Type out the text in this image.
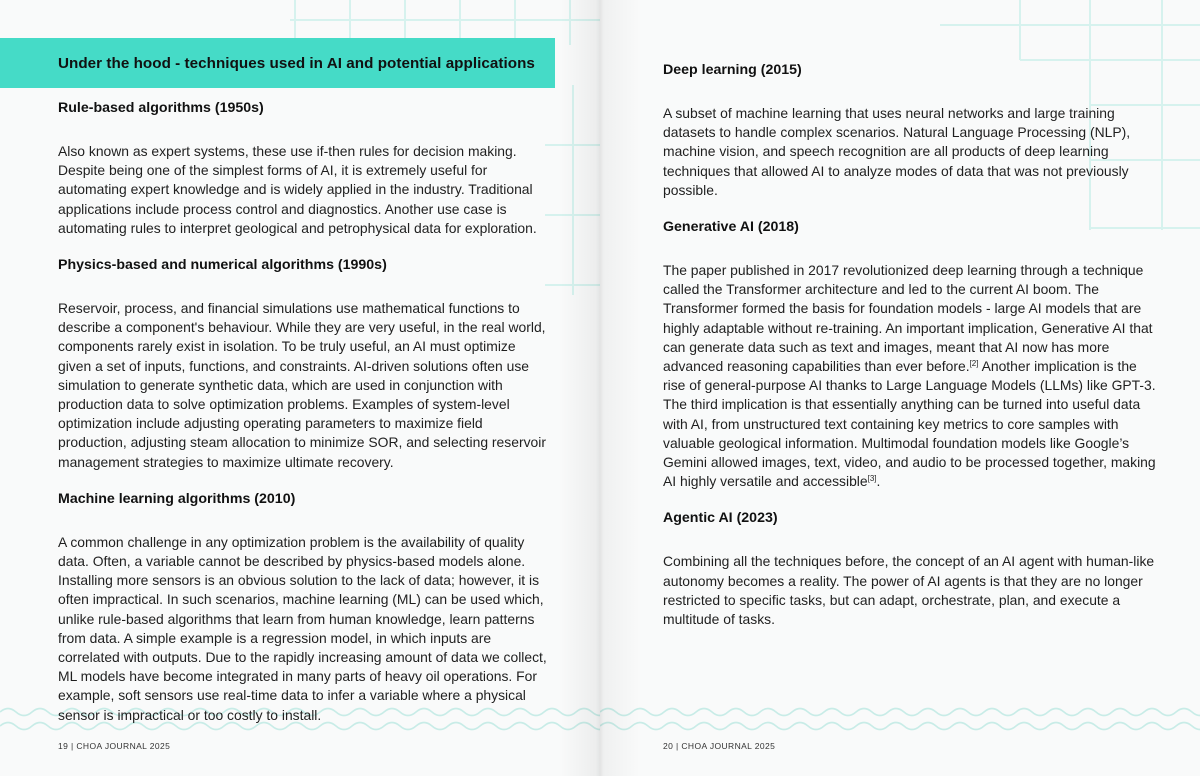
Under the hood - techniques used in AI and potential applications
Rule-based algorithms (1950s)

Also known as expert systems, these use if-then rules for decision making. Despite being one of the simplest forms of AI, it is extremely useful for automating expert knowledge and is widely applied in the industry. Traditional applications include process control and diagnostics. Another use case is automating rules to interpret geological and petrophysical data for exploration.

Physics-based and numerical algorithms (1990s)

Reservoir, process, and financial simulations use mathematical functions to describe a component's behaviour. While they are very useful, in the real world, components rarely exist in isolation. To be truly useful, an AI must optimize given a set of inputs, functions, and constraints. AI-driven solutions often use simulation to generate synthetic data, which are used in conjunction with production data to solve optimization problems. Examples of system-level optimization include adjusting operating parameters to maximize field production, adjusting steam allocation to minimize SOR, and selecting reservoir management strategies to maximize ultimate recovery.

Machine learning algorithms (2010)

A common challenge in any optimization problem is the availability of quality data. Often, a variable cannot be described by physics-based models alone. Installing more sensors is an obvious solution to the lack of data; however, it is often impractical. In such scenarios, machine learning (ML) can be used which, unlike rule-based algorithms that learn from human knowledge, learn patterns from data. A simple example is a regression model, in which inputs are correlated with outputs. Due to the rapidly increasing amount of data we collect, ML models have become integrated in many parts of heavy oil operations. For example, soft sensors use real-time data to infer a variable where a physical sensor is impractical or too costly to install.

19 | CHOA JOURNAL 2025
Deep learning (2015)

A subset of machine learning that uses neural networks and large training datasets to handle complex scenarios. Natural Language Processing (NLP), machine vision, and speech recognition are all products of deep learning techniques that allowed AI to analyze modes of data that was not previously possible.

Generative AI (2018)

The paper published in 2017 revolutionized deep learning through a technique called the Transformer architecture and led to the current AI boom. The Transformer formed the basis for foundation models - large AI models that are highly adaptable without re-training. An important implication, Generative AI that can generate data such as text and images, meant that AI now has more advanced reasoning capabilities than ever before.[2] Another implication is the rise of general-purpose AI thanks to Large Language Models (LLMs) like GPT-3. The third implication is that essentially anything can be turned into useful data with AI, from unstructured text containing key metrics to core samples with valuable geological information. Multimodal foundation models like Google’s Gemini allowed images, text, video, and audio to be processed together, making AI highly versatile and accessible[3].

Agentic AI (2023)

Combining all the techniques before, the concept of an AI agent with human-like autonomy becomes a reality. The power of AI agents is that they are no longer restricted to specific tasks, but can adapt, orchestrate, plan, and execute a multitude of tasks.

20 | CHOA JOURNAL 2025
